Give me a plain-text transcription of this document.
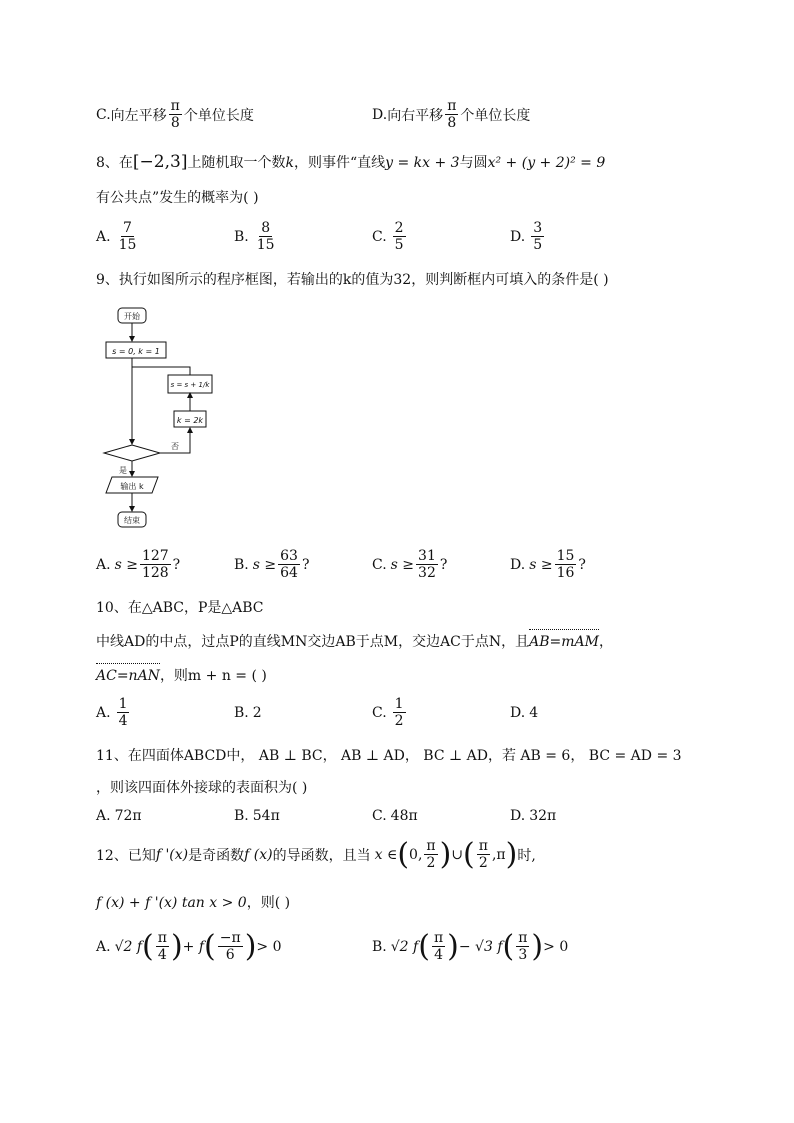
C. 向左平移 $\frac{\pi}{8}$ 个单位长度	D. 向右平移 $\frac{\pi}{8}$ 个单位长度
8、在[−2,3]上随机取一个数k，则事件“直线y = kx + 3与圆x² + (y + 2)² = 9
有公共点”发生的概率为( )
A. $\frac{7}{15}$	B. $\frac{8}{15}$	C. $\frac{2}{5}$	D. $\frac{3}{5}$
9、执行如图所示的程序框图，若输出的k的值为32，则判断框内可填入的条件是( )
开始
s = 0, k = 1
s = s + 1/k
k = 2k
否
是
输出 k
结束
A. $s \ge \frac{127}{128}$ ?	B. $s \ge \frac{63}{64}$ ?	C. $s \ge \frac{31}{32}$ ?	D. $s \ge \frac{15}{16}$ ?
10、在△ABC，P是△ABC
中线AD的中点，过点P的直线MN交边AB于点M，交边AC于点N，且AB=mAM，
AC=nAN，则m + n = ( )
A. $\frac{1}{4}$	B. 2	C. $\frac{1}{2}$	D. 4
11、在四面体ABCD中， AB ⊥ BC， AB ⊥ AD， BC ⊥ AD，若 AB = 6， BC = AD = 3
，则该四面体外接球的表面积为( )
A. 72π	B. 54π	C. 48π	D. 32π
12、已知 f '(x) 是奇函数 f (x) 的导函数，且当 x ∈ ( 0, $\frac{\pi}{2}$ ) ∪ ( $\frac{\pi}{2} ,\pi$ ) 时,
f (x) + f '(x) tan x > 0，则( )
A. √2 f ( $\frac{\pi}{4}$ ) + f ( $\frac{-\pi}{6}$ ) > 0	B. √2 f ( $\frac{\pi}{4}$ ) − √3 f ( $\frac{\pi}{3}$ ) > 0
